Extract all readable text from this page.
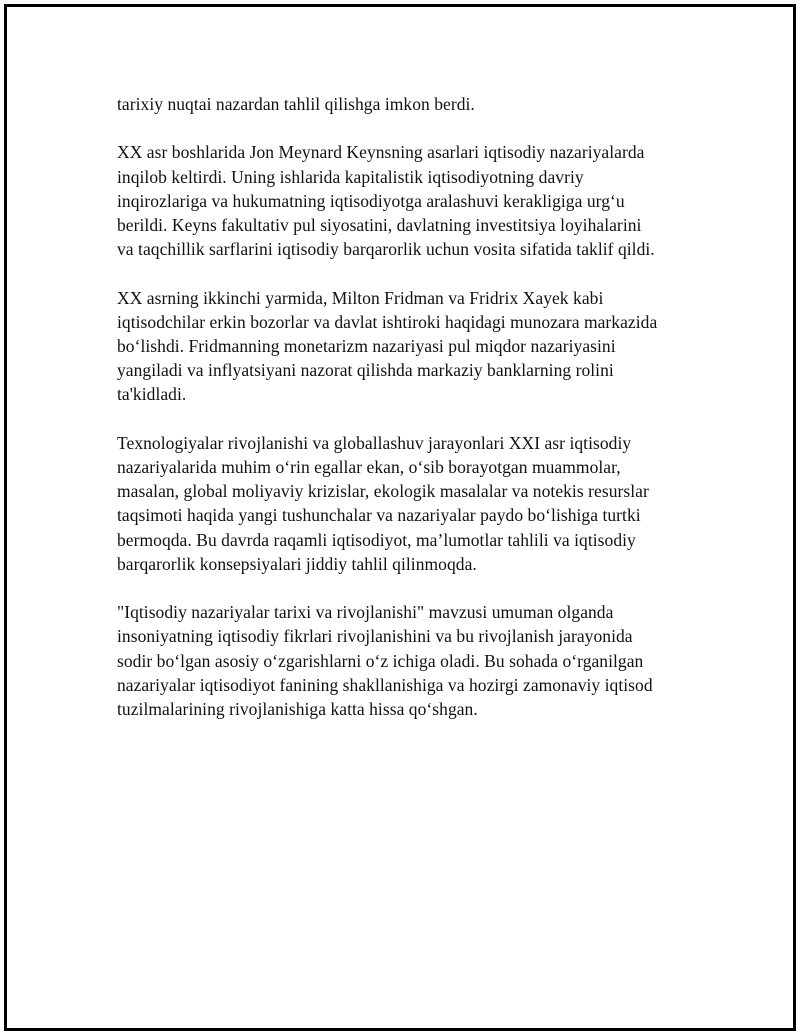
tarixiy nuqtai nazardan tahlil qilishga imkon berdi.
XX asr boshlarida Jon Meynard Keynsning asarlari iqtisodiy nazariyalarda
inqilob keltirdi. Uning ishlarida kapitalistik iqtisodiyotning davriy
inqirozlariga va hukumatning iqtisodiyotga aralashuvi kerakligiga urg‘u
berildi. Keyns fakultativ pul siyosatini, davlatning investitsiya loyihalarini
va taqchillik sarflarini iqtisodiy barqarorlik uchun vosita sifatida taklif qildi.
XX asrning ikkinchi yarmida, Milton Fridman va Fridrix Xayek kabi
iqtisodchilar erkin bozorlar va davlat ishtiroki haqidagi munozara markazida
bo‘lishdi. Fridmanning monetarizm nazariyasi pul miqdor nazariyasini
yangiladi va inflyatsiyani nazorat qilishda markaziy banklarning rolini
ta'kidladi.
Texnologiyalar rivojlanishi va globallashuv jarayonlari XXI asr iqtisodiy
nazariyalarida muhim o‘rin egallar ekan, o‘sib borayotgan muammolar,
masalan, global moliyaviy krizislar, ekologik masalalar va notekis resurslar
taqsimoti haqida yangi tushunchalar va nazariyalar paydo bo‘lishiga turtki
bermoqda. Bu davrda raqamli iqtisodiyot, ma’lumotlar tahlili va iqtisodiy
barqarorlik konsepsiyalari jiddiy tahlil qilinmoqda.
"Iqtisodiy nazariyalar tarixi va rivojlanishi" mavzusi umuman olganda
insoniyatning iqtisodiy fikrlari rivojlanishini va bu rivojlanish jarayonida
sodir bo‘lgan asosiy o‘zgarishlarni o‘z ichiga oladi. Bu sohada o‘rganilgan
nazariyalar iqtisodiyot fanining shakllanishiga va hozirgi zamonaviy iqtisod
tuzilmalarining rivojlanishiga katta hissa qo‘shgan.
